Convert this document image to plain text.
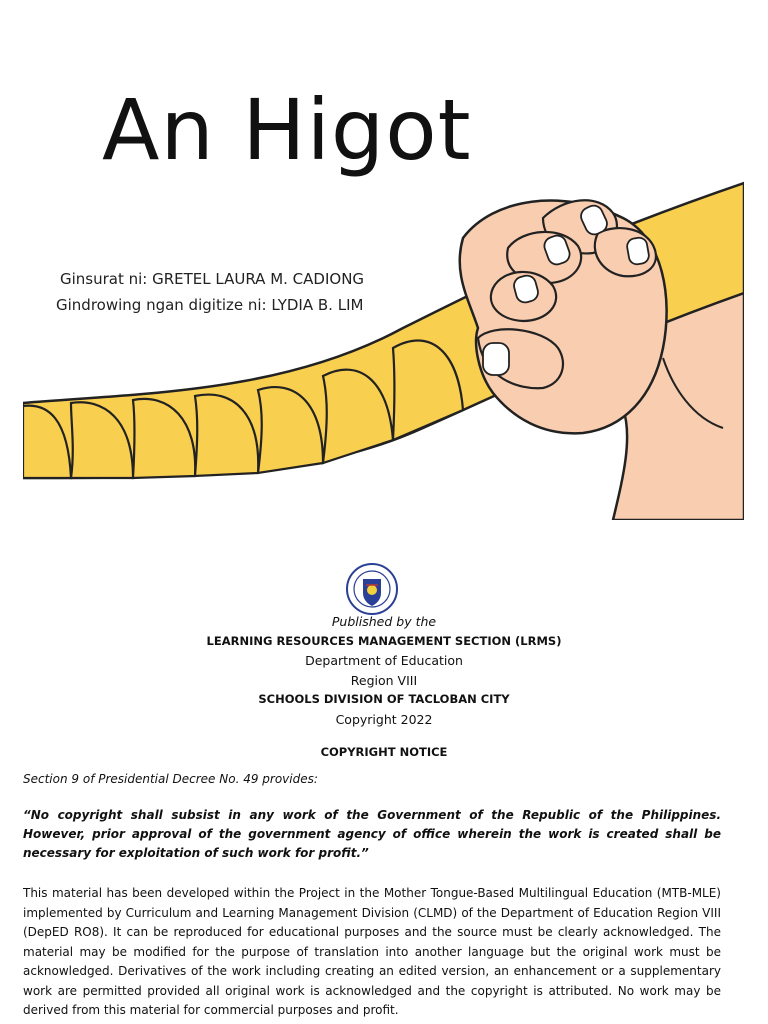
An Higot
Ginsurat ni: GRETEL LAURA M. CADIONG
Gindrowing ngan digitize ni: LYDIA B. LIM
Published by the
LEARNING RESOURCES MANAGEMENT SECTION (LRMS)
Department of Education
Region VIII
SCHOOLS DIVISION OF TACLOBAN CITY
Copyright 2022
COPYRIGHT NOTICE
Section 9 of Presidential Decree No. 49 provides:
“No copyright shall subsist in any work of the Government of the Republic of the Philippines. However, prior approval of the government agency of office wherein the work is created shall be necessary for exploitation of such work for profit.”
This material has been developed within the Project in the Mother Tongue-Based Multilingual Education (MTB-MLE) implemented by Curriculum and Learning Management Division (CLMD) of the Department of Education Region VIII (DepED RO8). It can be reproduced for educational purposes and the source must be clearly acknowledged. The material may be modified for the purpose of translation into another language but the original work must be acknowledged. Derivatives of the work including creating an edited version, an enhancement or a supplementary work are permitted provided all original work is acknowledged and the copyright is attributed. No work may be derived from this material for commercial purposes and profit.
